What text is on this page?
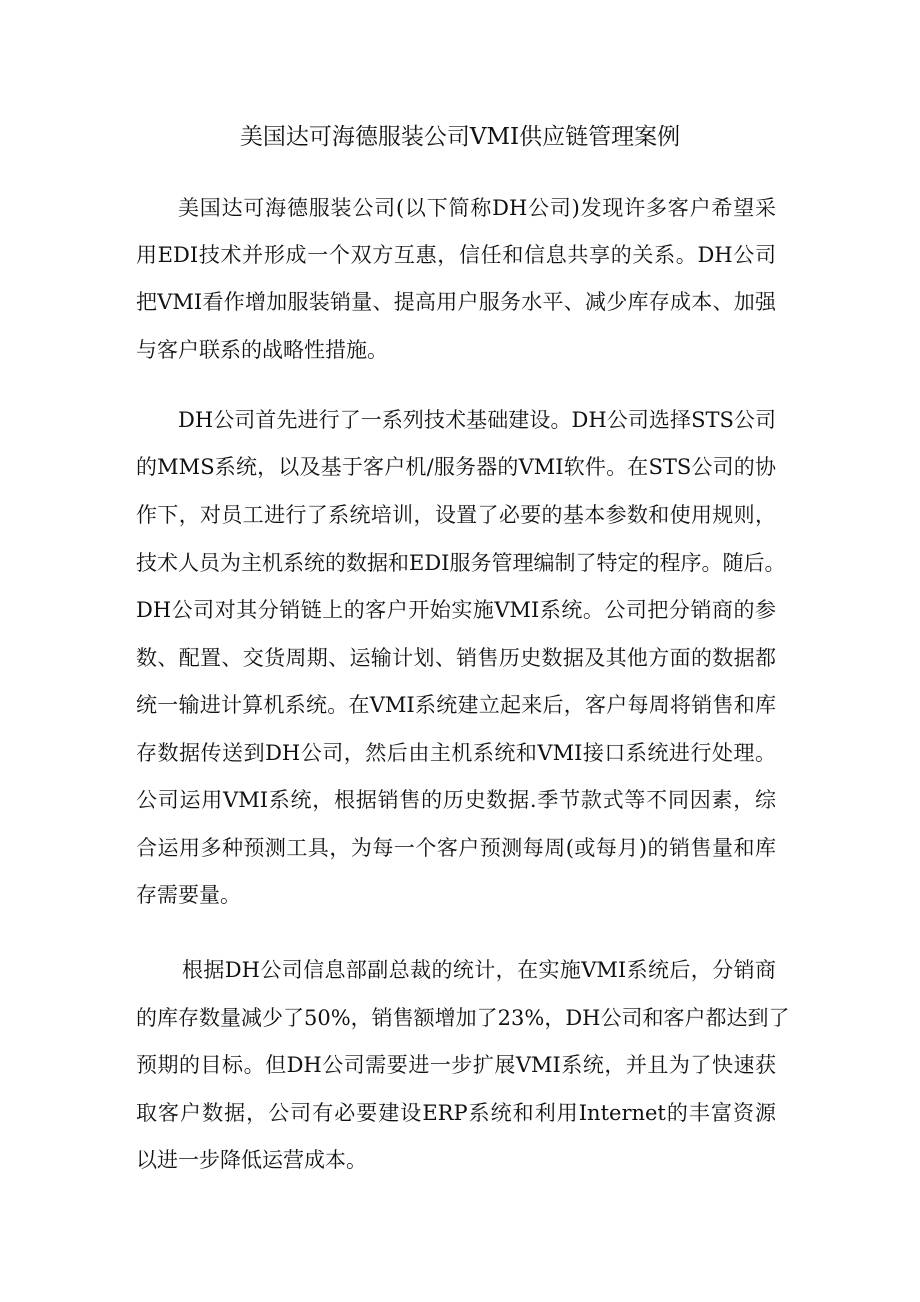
美国达可海德服装公司VMI供应链管理案例
美国达可海德服装公司(以下简称DH公司)发现许多客户希望采
用EDI技术并形成一个双方互惠，信任和信息共享的关系。DH公司
把VMI看作增加服装销量、提高用户服务水平、减少库存成本、加强
与客户联系的战略性措施。
DH公司首先进行了一系列技术基础建设。DH公司选择STS公司
的MMS系统，以及基于客户机/服务器的VMI软件。在STS公司的协
作下，对员工进行了系统培训，设置了必要的基本参数和使用规则，
技术人员为主机系统的数据和EDI服务管理编制了特定的程序。随后。
DH公司对其分销链上的客户开始实施VMI系统。公司把分销商的参
数、配置、交货周期、运输计划、销售历史数据及其他方面的数据都
统一输进计算机系统。在VMI系统建立起来后，客户每周将销售和库
存数据传送到DH公司，然后由主机系统和VMI接口系统进行处理。
公司运用VMI系统，根据销售的历史数据.季节款式等不同因素，综
合运用多种预测工具，为每一个客户预测每周(或每月)的销售量和库
存需要量。
根据DH公司信息部副总裁的统计，在实施VMI系统后，分销商
的库存数量减少了50%，销售额增加了23%，DH公司和客户都达到了
预期的目标。但DH公司需要进一步扩展VMI系统，并且为了快速获
取客户数据，公司有必要建设ERP系统和利用Internet的丰富资源
以进一步降低运营成本。
